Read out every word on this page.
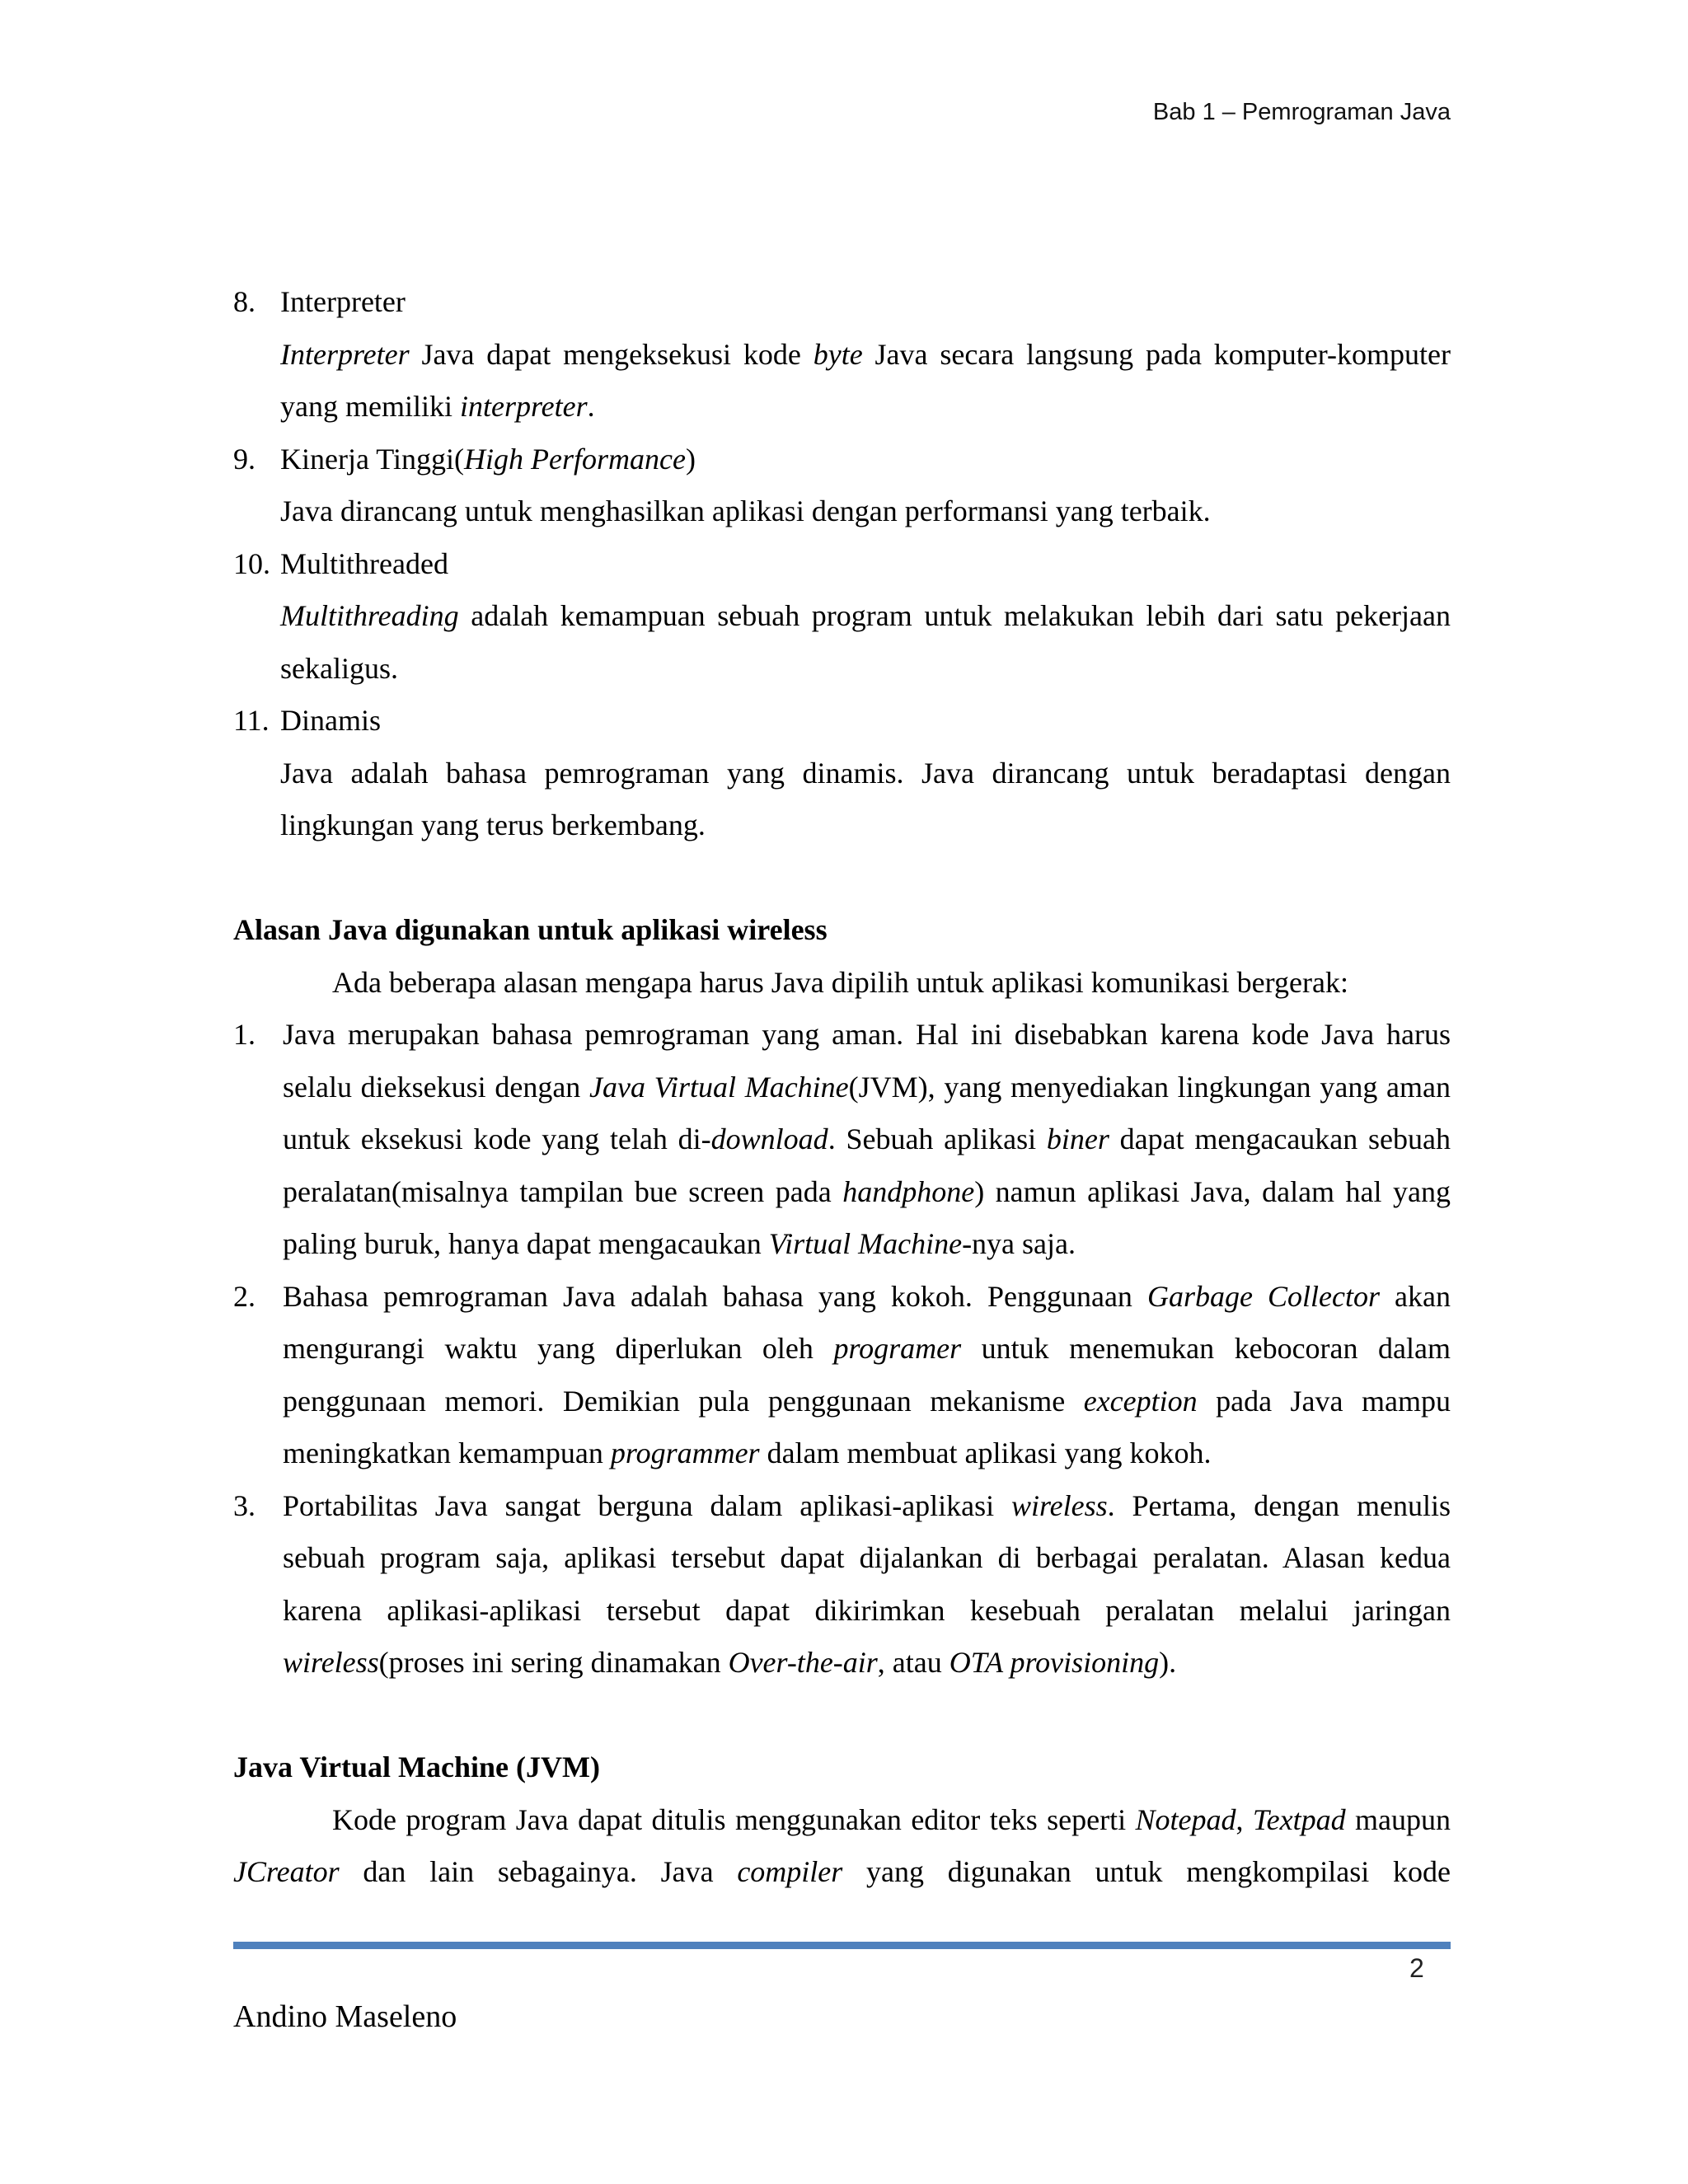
Bab 1 – Pemrograman Java
8. Interpreter
Interpreter Java dapat mengeksekusi kode byte Java secara langsung pada komputer-komputer yang memiliki interpreter.
9. Kinerja Tinggi(High Performance)
Java dirancang untuk menghasilkan aplikasi dengan performansi yang terbaik.
10. Multithreaded
Multithreading adalah kemampuan sebuah program untuk melakukan lebih dari satu pekerjaan sekaligus.
11. Dinamis
Java adalah bahasa pemrograman yang dinamis. Java dirancang untuk beradaptasi dengan lingkungan yang terus berkembang.
Alasan Java digunakan untuk aplikasi wireless
Ada beberapa alasan mengapa harus Java dipilih untuk aplikasi komunikasi bergerak:
1. Java merupakan bahasa pemrograman yang aman. Hal ini disebabkan karena kode Java harus selalu dieksekusi dengan Java Virtual Machine(JVM), yang menyediakan lingkungan yang aman untuk eksekusi kode yang telah di-download. Sebuah aplikasi biner dapat mengacaukan sebuah peralatan(misalnya tampilan bue screen pada handphone) namun aplikasi Java, dalam hal yang paling buruk, hanya dapat mengacaukan Virtual Machine-nya saja.
2. Bahasa pemrograman Java adalah bahasa yang kokoh. Penggunaan Garbage Collector akan mengurangi waktu yang diperlukan oleh programer untuk menemukan kebocoran dalam penggunaan memori. Demikian pula penggunaan mekanisme exception pada Java mampu meningkatkan kemampuan programmer dalam membuat aplikasi yang kokoh.
3. Portabilitas Java sangat berguna dalam aplikasi-aplikasi wireless. Pertama, dengan menulis sebuah program saja, aplikasi tersebut dapat dijalankan di berbagai peralatan. Alasan kedua karena aplikasi-aplikasi tersebut dapat dikirimkan kesebuah peralatan melalui jaringan wireless(proses ini sering dinamakan Over-the-air, atau OTA provisioning).
Java Virtual Machine (JVM)
Kode program Java dapat ditulis menggunakan editor teks seperti Notepad, Textpad maupun JCreator dan lain sebagainya. Java compiler yang digunakan untuk mengkompilasi kode
2
Andino Maseleno
